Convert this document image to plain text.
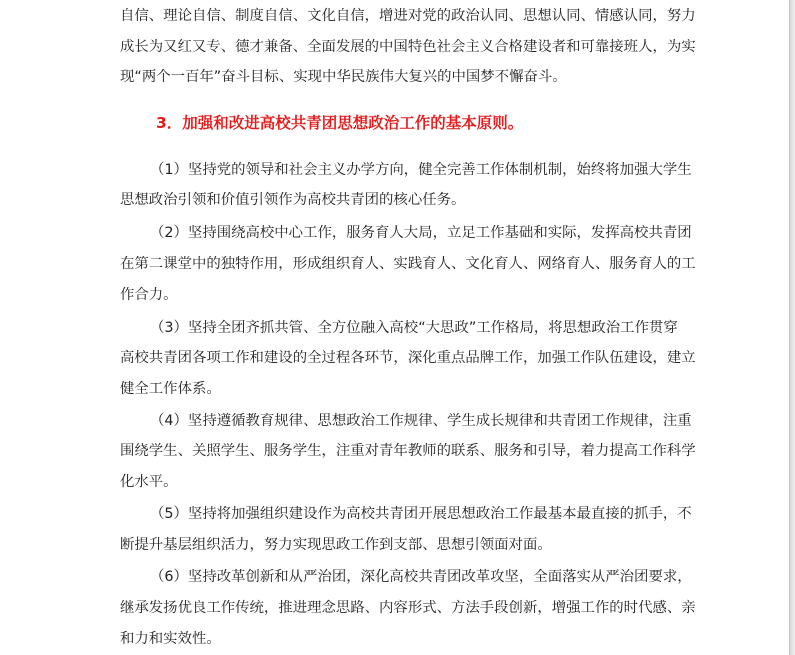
自信、理论自信、制度自信、文化自信，增进对党的政治认同、思想认同、情感认同，努力
成长为又红又专、德才兼备、全面发展的中国特色社会主义合格建设者和可靠接班人，为实
现“两个一百年”奋斗目标、实现中华民族伟大复兴的中国梦不懈奋斗。
3．加强和改进高校共青团思想政治工作的基本原则。
（1）坚持党的领导和社会主义办学方向，健全完善工作体制机制，始终将加强大学生
思想政治引领和价值引领作为高校共青团的核心任务。
（2）坚持围绕高校中心工作，服务育人大局，立足工作基础和实际，发挥高校共青团
在第二课堂中的独特作用，形成组织育人、实践育人、文化育人、网络育人、服务育人的工
作合力。
（3）坚持全团齐抓共管、全方位融入高校“大思政”工作格局，将思想政治工作贯穿
高校共青团各项工作和建设的全过程各环节，深化重点品牌工作，加强工作队伍建设，建立
健全工作体系。
（4）坚持遵循教育规律、思想政治工作规律、学生成长规律和共青团工作规律，注重
围绕学生、关照学生、服务学生，注重对青年教师的联系、服务和引导，着力提高工作科学
化水平。
（5）坚持将加强组织建设作为高校共青团开展思想政治工作最基本最直接的抓手，不
断提升基层组织活力，努力实现思政工作到支部、思想引领面对面。
（6）坚持改革创新和从严治团，深化高校共青团改革攻坚，全面落实从严治团要求，
继承发扬优良工作传统，推进理念思路、内容形式、方法手段创新，增强工作的时代感、亲
和力和实效性。
